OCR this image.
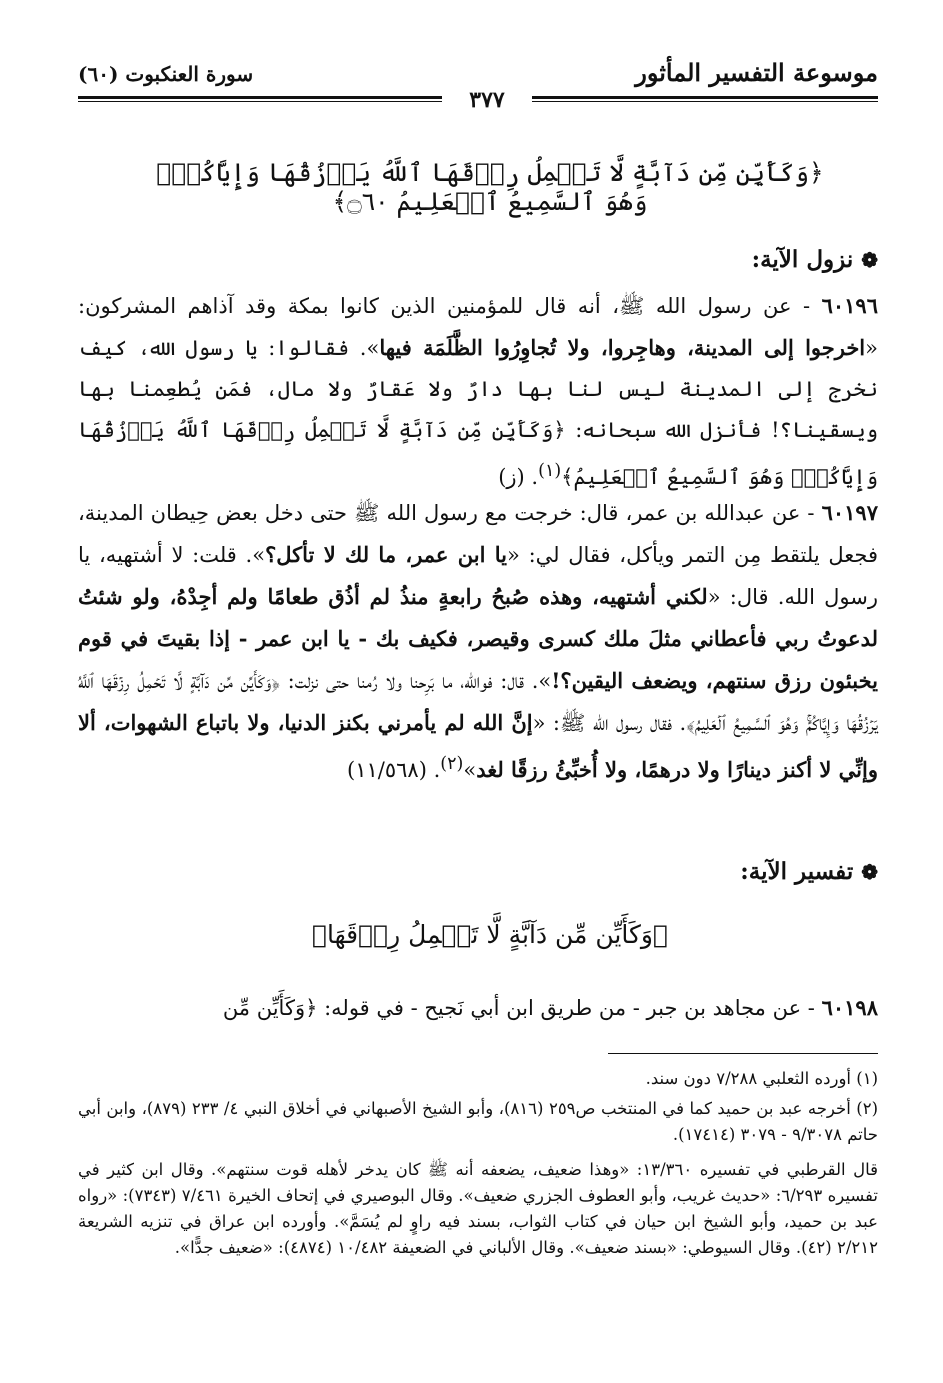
موسوعة التفسير المأثور
سورة العنكبوت (٦٠)
٣٧٧
﴿وَكَأَيِّن مِّن دَآبَّةٍ لَّا تَحۡمِلُ رِزۡقَهَا ٱللَّهُ يَرۡزُقُهَا وَإِيَّاكُمۡۚ وَهُوَ ٱلسَّمِيعُ ٱلۡعَلِيمُ ۝٦٠﴾
❁نزول الآية:
٦٠١٩٦ - عن رسول الله ﷺ، أنه قال للمؤمنين الذين كانوا بمكة وقد آذاهم المشركون: «اخرجوا إلى المدينة، وهاجِروا، ولا تُجاوِرُوا الظَّلَمَة فيها». فقالوا: يا رسول الله، كيف نخرج إلى المدينة ليس لنا بها دارٌ ولا عَقارٌ ولا مال، فمَن يُطعِمنا بها ويسقينا؟! فأنزل الله سبحانه: ﴿وَكَأَيِّن مِّن دَآبَّةٍ لَّا تَحۡمِلُ رِزۡقَهَا ٱللَّهُ يَرۡزُقُهَا وَإِيَّاكُمۡۚ وَهُوَ ٱلسَّمِيعُ ٱلۡعَلِيمُ﴾$^{(١)}$. (ز)
٦٠١٩٧ - عن عبدالله بن عمر، قال: خرجت مع رسول الله ﷺ حتى دخل بعض حِيطان المدينة، فجعل يلتقط مِن التمر ويأكل، فقال لي: «يا ابن عمر، ما لك لا تأكل؟». قلت: لا أشتهيه، يا رسول الله. قال: «لكني أشتهيه، وهذه صُبحُ رابعةٍ منذُ لم أذُق طعامًا ولم أجِدْهُ، ولو شئتُ لدعوتُ ربي فأعطاني مثلَ ملك كسرى وقيصر، فكيف بك - يا ابن عمر - إذا بقيتَ في قوم يخبئون رزق سنتهم، ويضعف اليقين؟!». قال: فوالله، ما بَرِحنا ولا رُمنا حتى نزلت: ﴿وَكَأَيِّن مِّن دَآبَّةٍ لَّا تَحۡمِلُ رِزۡقَهَا ٱللَّهُ يَرۡزُقُهَا وَإِيَّاكُمۡۚ وَهُوَ ٱلسَّمِيعُ ٱلۡعَلِيمُ﴾. فقال رسول الله ﷺ: «إنَّ الله لم يأمرني بكنز الدنيا، ولا باتباع الشهوات، ألا وإنِّي لا أكنز دينارًا ولا درهمًا، ولا أُخبِّئُ رزقًا لغد»$^{(٢)}$. (١١/٥٦٨)
❁تفسير الآية:
﴿وَكَأَيِّن مِّن دَآبَّةٍ لَّا تَحۡمِلُ رِزۡقَهَا﴾
٦٠١٩٨ - عن مجاهد بن جبر - من طريق ابن أبي نَجيح - في قوله: ﴿وَكَأَيِّن مِّن
(١) أورده الثعلبي ٧/٢٨٨ دون سند.
(٢) أخرجه عبد بن حميد كما في المنتخب ص٢٥٩ (٨١٦)، وأبو الشيخ الأصبهاني في أخلاق النبي ٤/ ٢٣٣ (٨٧٩)، وابن أبي حاتم ٩/٣٠٧٨ - ٣٠٧٩ (١٧٤١٤).
قال القرطبي في تفسيره ١٣/٣٦٠: «وهذا ضعيف، يضعفه أنه ﷺ كان يدخر لأهله قوت سنتهم». وقال ابن كثير في تفسيره ٦/٢٩٣: «حديث غريب، وأبو العطوف الجزري ضعيف». وقال البوصيري في إتحاف الخيرة ٧/٤٦١ (٧٣٤٣): «رواه عبد بن حميد، وأبو الشيخ ابن حيان في كتاب الثواب، بسند فيه راوٍ لم يُسَمَّ». وأورده ابن عراق في تنزيه الشريعة ٢/٢١٢ (٤٢). وقال السيوطي: «بسند ضعيف». وقال الألباني في الضعيفة ١٠/٤٨٢ (٤٨٧٤): «ضعيف جدًّا».
